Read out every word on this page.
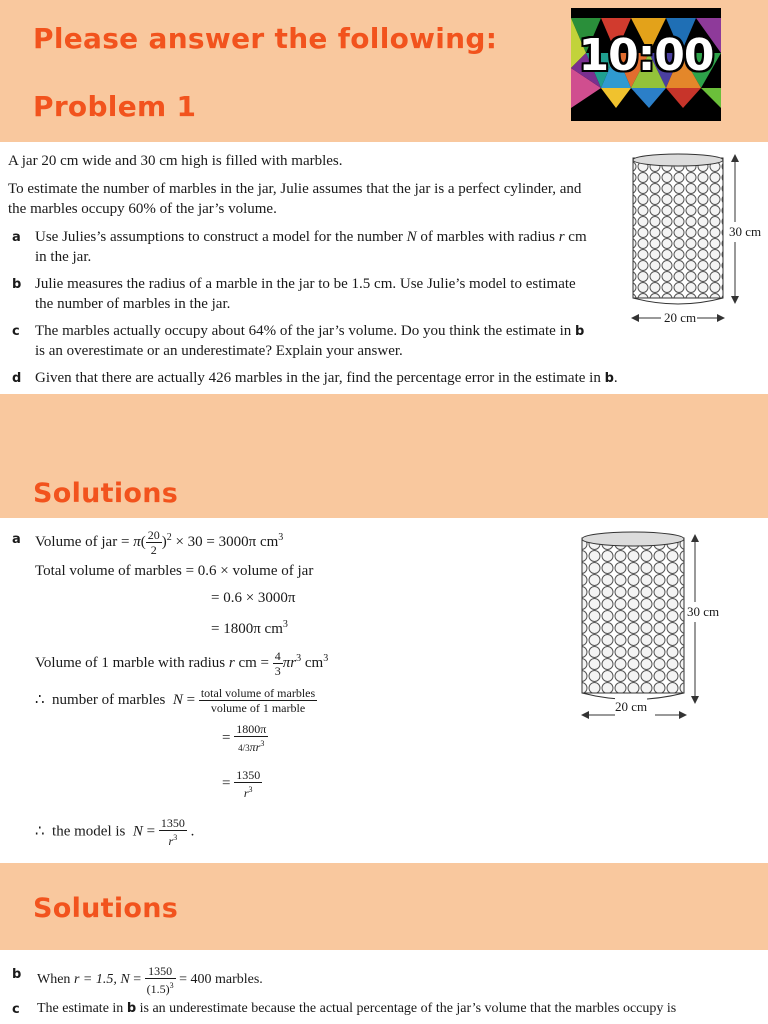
Please answer the following:
Problem 1
10:00

A jar 20 cm wide and 30 cm high is filled with marbles.

To estimate the number of marbles in the jar, Julie assumes that the jar is a perfect cylinder, and

the marbles occupy 60% of the jar’s volume.

a Use Julies’s assumptions to construct a model for the number N of marbles with radius r cm

in the jar.

b Julie measures the radius of a marble in the jar to be 1.5 cm. Use Julie’s model to estimate

the number of marbles in the jar.

c The marbles actually occupy about 64% of the jar’s volume. Do you think the estimate in b

is an overestimate or an underestimate? Explain your answer.

d Given that there are actually 426 marbles in the jar, find the percentage error in the estimate in b.

30 cm
20 cm
Solutions
a Volume of jar = $\pi( \frac{20}{2} )^2 \times 30 = 3000\pi$ $cm^3$

Total volume of marbles = 0.6 × volume of jar

= 0.6 × 3000π

= 1800π $cm^3$

Volume of 1 marble with radius r cm = $\frac{4}{3} \pi r^3$ $cm^3$

∴  number of marbles $N = \frac{\text{total volume of marbles}}{\text{volume of 1 marble}}$

= $\frac{1800\pi}{4/3\pi r^3}$

= $\frac{1350}{r^3}$

∴  the model is $N = \frac{1350}{r^3}$ .

30 cm
20 cm
Solutions
b When r = 1.5, $N = \frac{1350}{(1.5)^3} = 400$ marbles.

c The estimate in b is an underestimate because the actual percentage of the jar’s volume that the marbles occupy is
